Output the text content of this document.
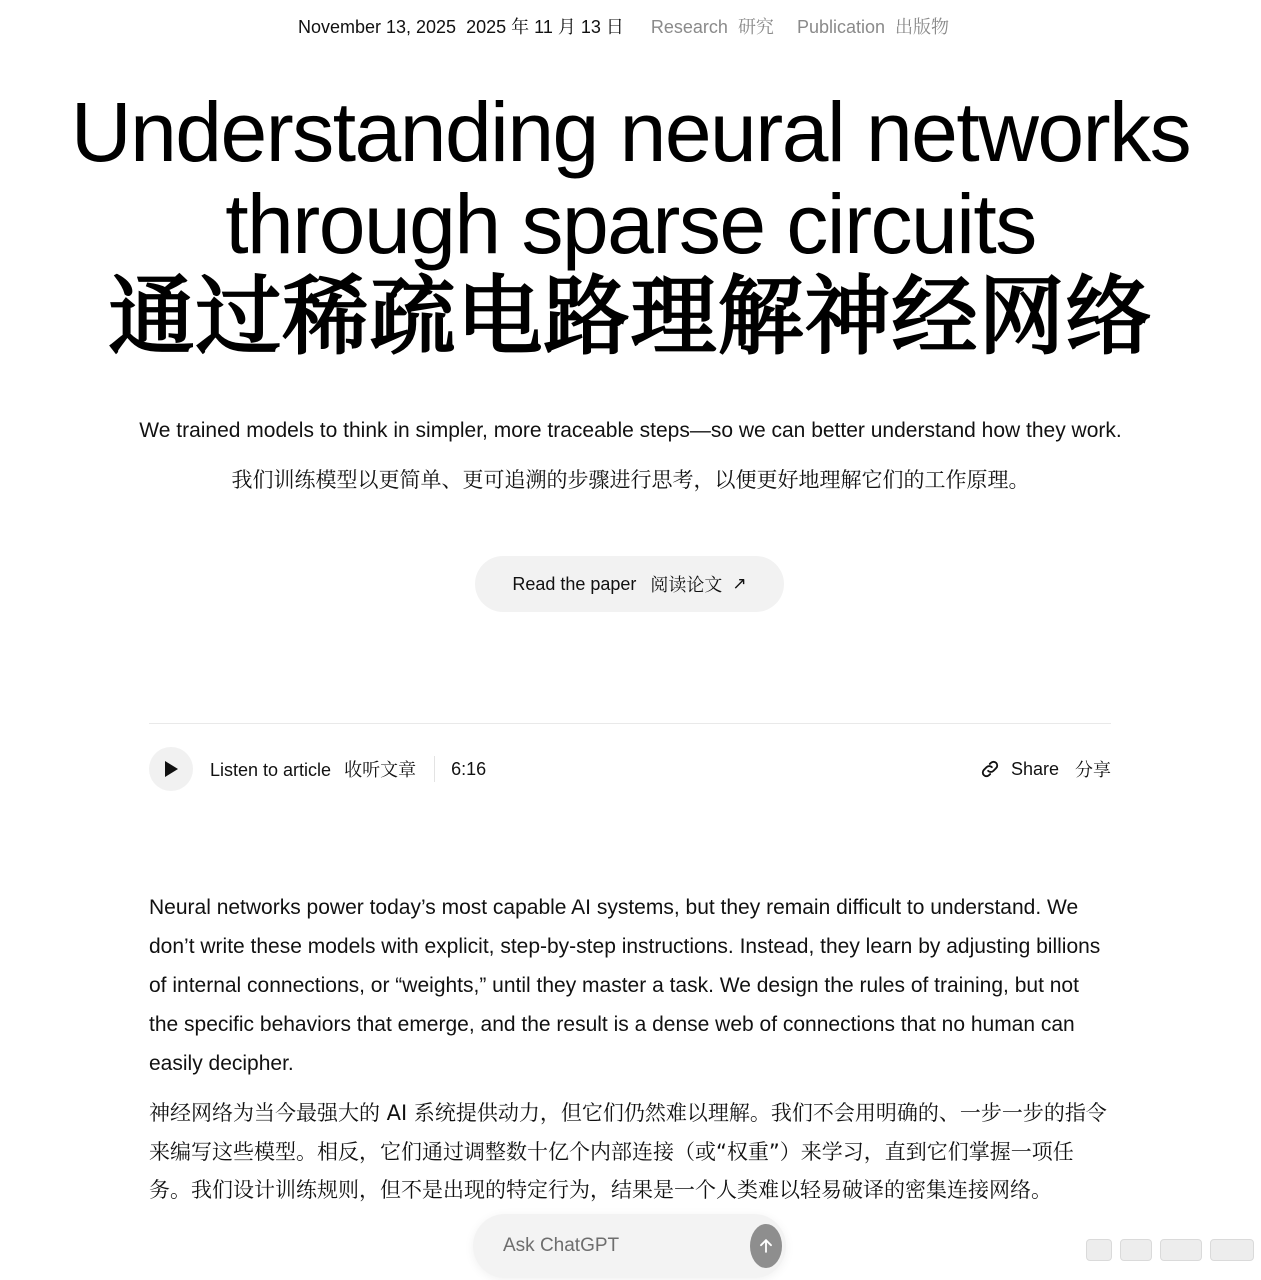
November 13, 2025 2025 年 11 月 13 日 Research 研究 Publication 出版物
Understanding neural networks
through sparse circuits
通过稀疏电路理解神经网络

We trained models to think in simpler, more traceable steps—so we can better understand how they work.

我们训练模型以更简单、更可追溯的步骤进行思考，以便更好地理解它们的工作原理。

Read the paper 阅读论文 ↗
Listen to article 收听文章 6:16	Share 分享

Neural networks power today’s most capable AI systems, but they remain difficult to understand. We don’t write these models with explicit, step-by-step instructions. Instead, they learn by adjusting billions of internal connections, or “weights,” until they master a task. We design the rules of training, but not the specific behaviors that emerge, and the result is a dense web of connections that no human can easily decipher.

神经网络为当今最强大的 AI 系统提供动力，但它们仍然难以理解。我们不会用明确的、一步一步的指令来编写这些模型。相反，它们通过调整数十亿个内部连接（或“权重”）来学习，直到它们掌握一项任务。我们设计训练规则，但不是出现的特定行为，结果是一个人类难以轻易破译的密集连接网络。

Ask ChatGPT
